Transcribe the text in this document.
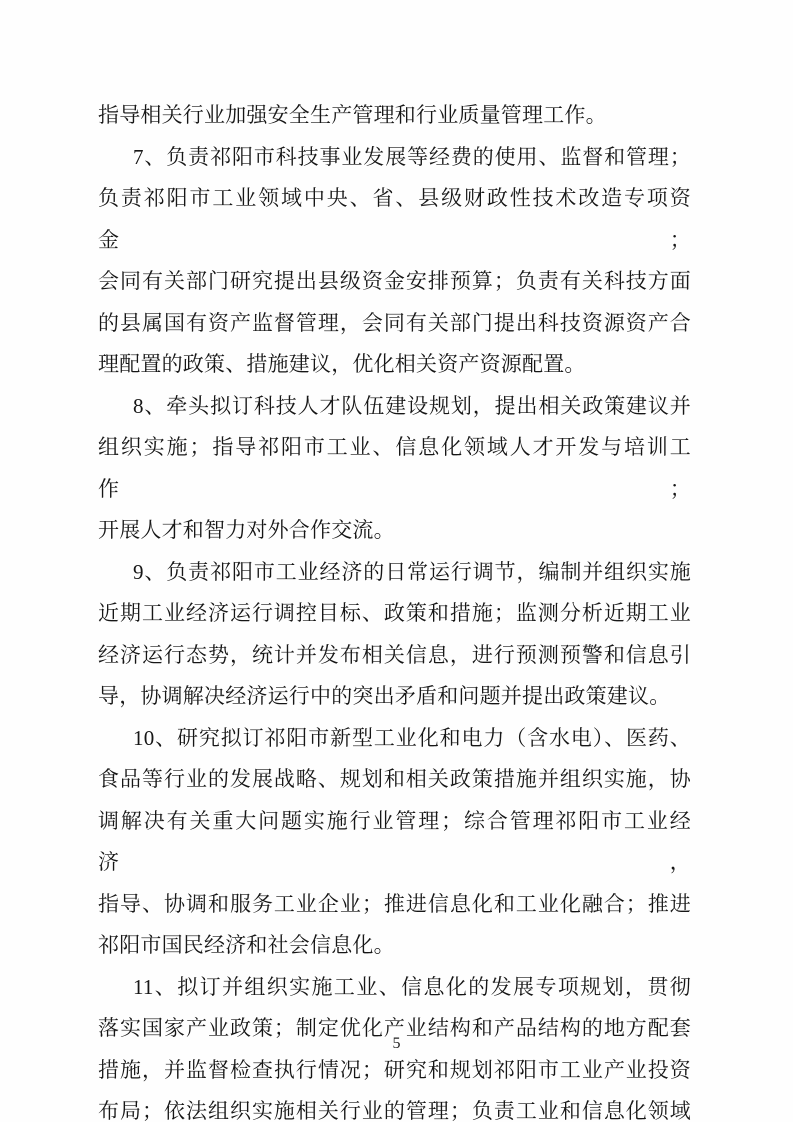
指导相关行业加强安全生产管理和行业质量管理工作。
7、负责祁阳市科技事业发展等经费的使用、监督和管理；
负责祁阳市工业领域中央、省、县级财政性技术改造专项资金；
会同有关部门研究提出县级资金安排预算；负责有关科技方面
的县属国有资产监督管理，会同有关部门提出科技资源资产合
理配置的政策、措施建议，优化相关资产资源配置。
8、牵头拟订科技人才队伍建设规划，提出相关政策建议并
组织实施；指导祁阳市工业、信息化领域人才开发与培训工作；
开展人才和智力对外合作交流。
9、负责祁阳市工业经济的日常运行调节，编制并组织实施
近期工业经济运行调控目标、政策和措施；监测分析近期工业
经济运行态势，统计并发布相关信息，进行预测预警和信息引
导，协调解决经济运行中的突出矛盾和问题并提出政策建议。
10、研究拟订祁阳市新型工业化和电力（含水电）、医药、
食品等行业的发展战略、规划和相关政策措施并组织实施，协
调解决有关重大问题实施行业管理；综合管理祁阳市工业经济，
指导、协调和服务工业企业；推进信息化和工业化融合；推进
祁阳市国民经济和社会信息化。
11、拟订并组织实施工业、信息化的发展专项规划，贯彻
落实国家产业政策；制定优化产业结构和产品结构的地方配套
措施，并监督检查执行情况；研究和规划祁阳市工业产业投资
布局；依法组织实施相关行业的管理；负责工业和信息化领域
5
